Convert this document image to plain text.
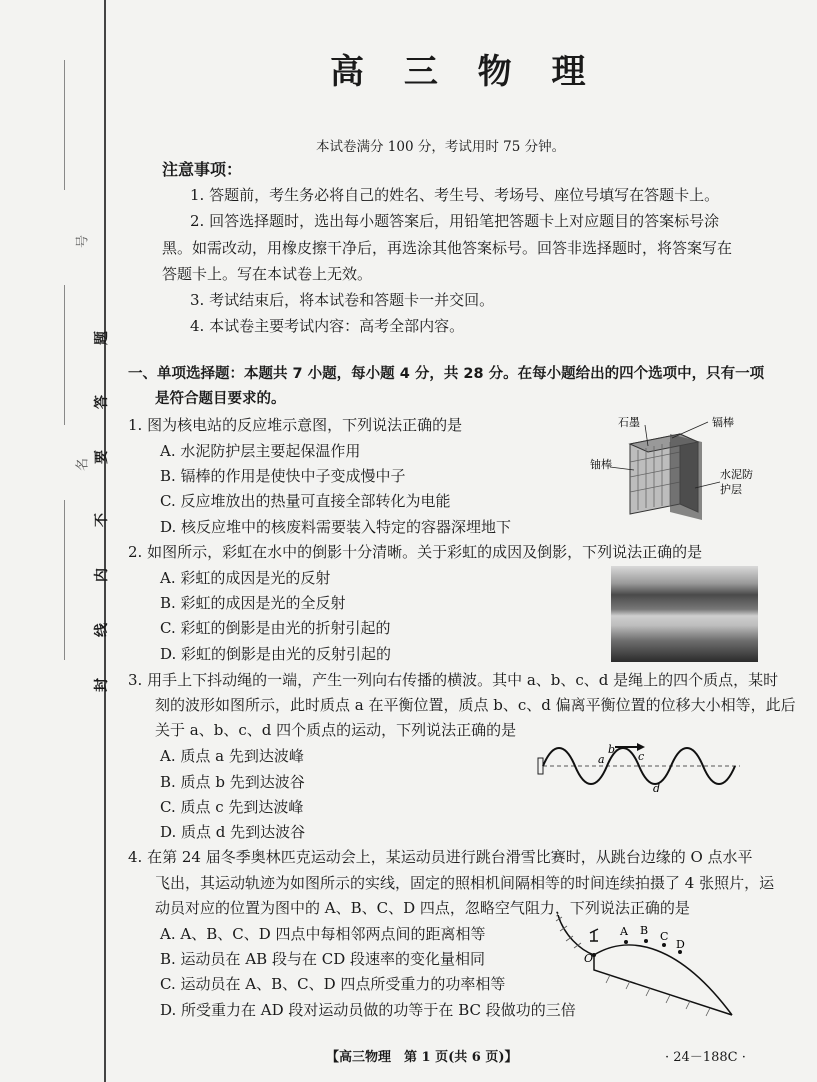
号
名
题
答
要
不
内
线
封
高 三 物 理
本试卷满分 100 分，考试用时 75 分钟。
注意事项：
1. 答题前，考生务必将自己的姓名、考生号、考场号、座位号填写在答题卡上。
2. 回答选择题时，选出每小题答案后，用铅笔把答题卡上对应题目的答案标号涂
黑。如需改动，用橡皮擦干净后，再选涂其他答案标号。回答非选择题时，将答案写在
答题卡上。写在本试卷上无效。
3. 考试结束后，将本试卷和答题卡一并交回。
4. 本试卷主要考试内容：高考全部内容。
一、单项选择题：本题共 7 小题，每小题 4 分，共 28 分。在每小题给出的四个选项中，只有一项
是符合题目要求的。
1. 图为核电站的反应堆示意图，下列说法正确的是
A. 水泥防护层主要起保温作用
B. 镉棒的作用是使快中子变成慢中子
C. 反应堆放出的热量可直接全部转化为电能
D. 核反应堆中的核废料需要装入特定的容器深埋地下
石墨	镉棒
铀棒
水泥防
护层
2. 如图所示，彩虹在水中的倒影十分清晰。关于彩虹的成因及倒影，下列说法正确的是
A. 彩虹的成因是光的反射
B. 彩虹的成因是光的全反射
C. 彩虹的倒影是由光的折射引起的
D. 彩虹的倒影是由光的反射引起的
3. 用手上下抖动绳的一端，产生一列向右传播的横波。其中 a、b、c、d 是绳上的四个质点，某时
刻的波形如图所示，此时质点 a 在平衡位置，质点 b、c、d 偏离平衡位置的位移大小相等，此后
关于 a、b、c、d 四个质点的运动，下列说法正确的是
A. 质点 a 先到达波峰
B. 质点 b 先到达波谷
C. 质点 c 先到达波峰
D. 质点 d 先到达波谷
a
b
c
d
4. 在第 24 届冬季奥林匹克运动会上，某运动员进行跳台滑雪比赛时，从跳台边缘的 O 点水平
飞出，其运动轨迹为如图所示的实线，固定的照相机间隔相等的时间连续拍摄了 4 张照片，运
动员对应的位置为图中的 A、B、C、D 四点，忽略空气阻力，下列说法正确的是
A. A、B、C、D 四点中每相邻两点间的距离相等
B. 运动员在 AB 段与在 CD 段速率的变化量相同
C. 运动员在 A、B、C、D 四点所受重力的功率相等
D. 所受重力在 AD 段对运动员做的功等于在 BC 段做功的三倍
O
A B C
D
【高三物理　第 1 页(共 6 页)】	· 24－188C ·
